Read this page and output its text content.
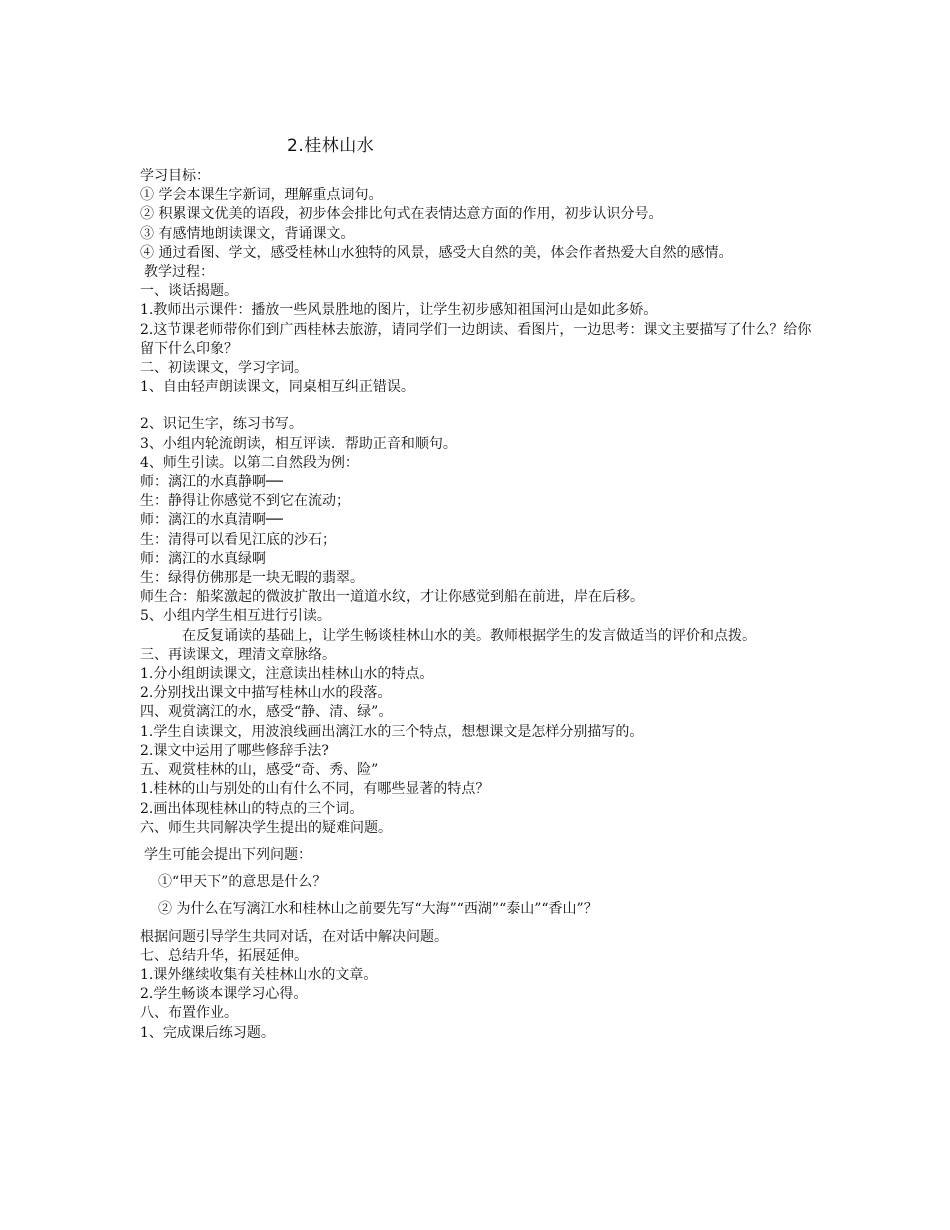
2.桂林山水
学习目标：
① 学会本课生字新词，理解重点词句。
② 积累课文优美的语段，初步体会排比句式在表情达意方面的作用，初步认识分号。
③ 有感情地朗读课文，背诵课文。
④ 通过看图、学文，感受桂林山水独特的风景，感受大自然的美，体会作者热爱大自然的感情。
教学过程：
一、谈话揭题。
1.教师出示课件：播放一些风景胜地的图片，让学生初步感知祖国河山是如此多娇。
2.这节课老师带你们到广西桂林去旅游，请同学们一边朗读、看图片，一边思考：课文主要描写了什么？给你留下什么印象？
二、初读课文，学习字词。
1、自由轻声朗读课文，同桌相互纠正错误。
2、识记生字，练习书写。
3、小组内轮流朗读，相互评读．帮助正音和顺句。
4、师生引读。以第二自然段为例：
师：漓江的水真静啊──
生：静得让你感觉不到它在流动；
师：漓江的水真清啊──
生：清得可以看见江底的沙石；
师：漓江的水真绿啊
生：绿得仿佛那是一块无暇的翡翠。
师生合：船桨激起的微波扩散出一道道水纹，才让你感觉到船在前进，岸在后移。
5、小组内学生相互进行引读。
在反复诵读的基础上，让学生畅谈桂林山水的美。教师根据学生的发言做适当的评价和点拨。
三、再读课文，理清文章脉络。
1.分小组朗读课文，注意读出桂林山水的特点。
2.分别找出课文中描写桂林山水的段落。
四、观赏漓江的水，感受“静、清、绿”。
1.学生自读课文，用波浪线画出漓江水的三个特点，想想课文是怎样分别描写的。
2.课文中运用了哪些修辞手法?
五、观赏桂林的山，感受“奇、秀、险”
1.桂林的山与别处的山有什么不同，有哪些显著的特点？
2.画出体现桂林山的特点的三个词。
六、师生共同解决学生提出的疑难问题。
学生可能会提出下列问题：
①“甲天下”的意思是什么？
② 为什么在写漓江水和桂林山之前要先写“大海”“西湖”“泰山”“香山”？
根据问题引导学生共同对话，在对话中解决问题。
七、总结升华，拓展延伸。
1.课外继续收集有关桂林山水的文章。
2.学生畅谈本课学习心得。
八、布置作业。
1、完成课后练习题。
